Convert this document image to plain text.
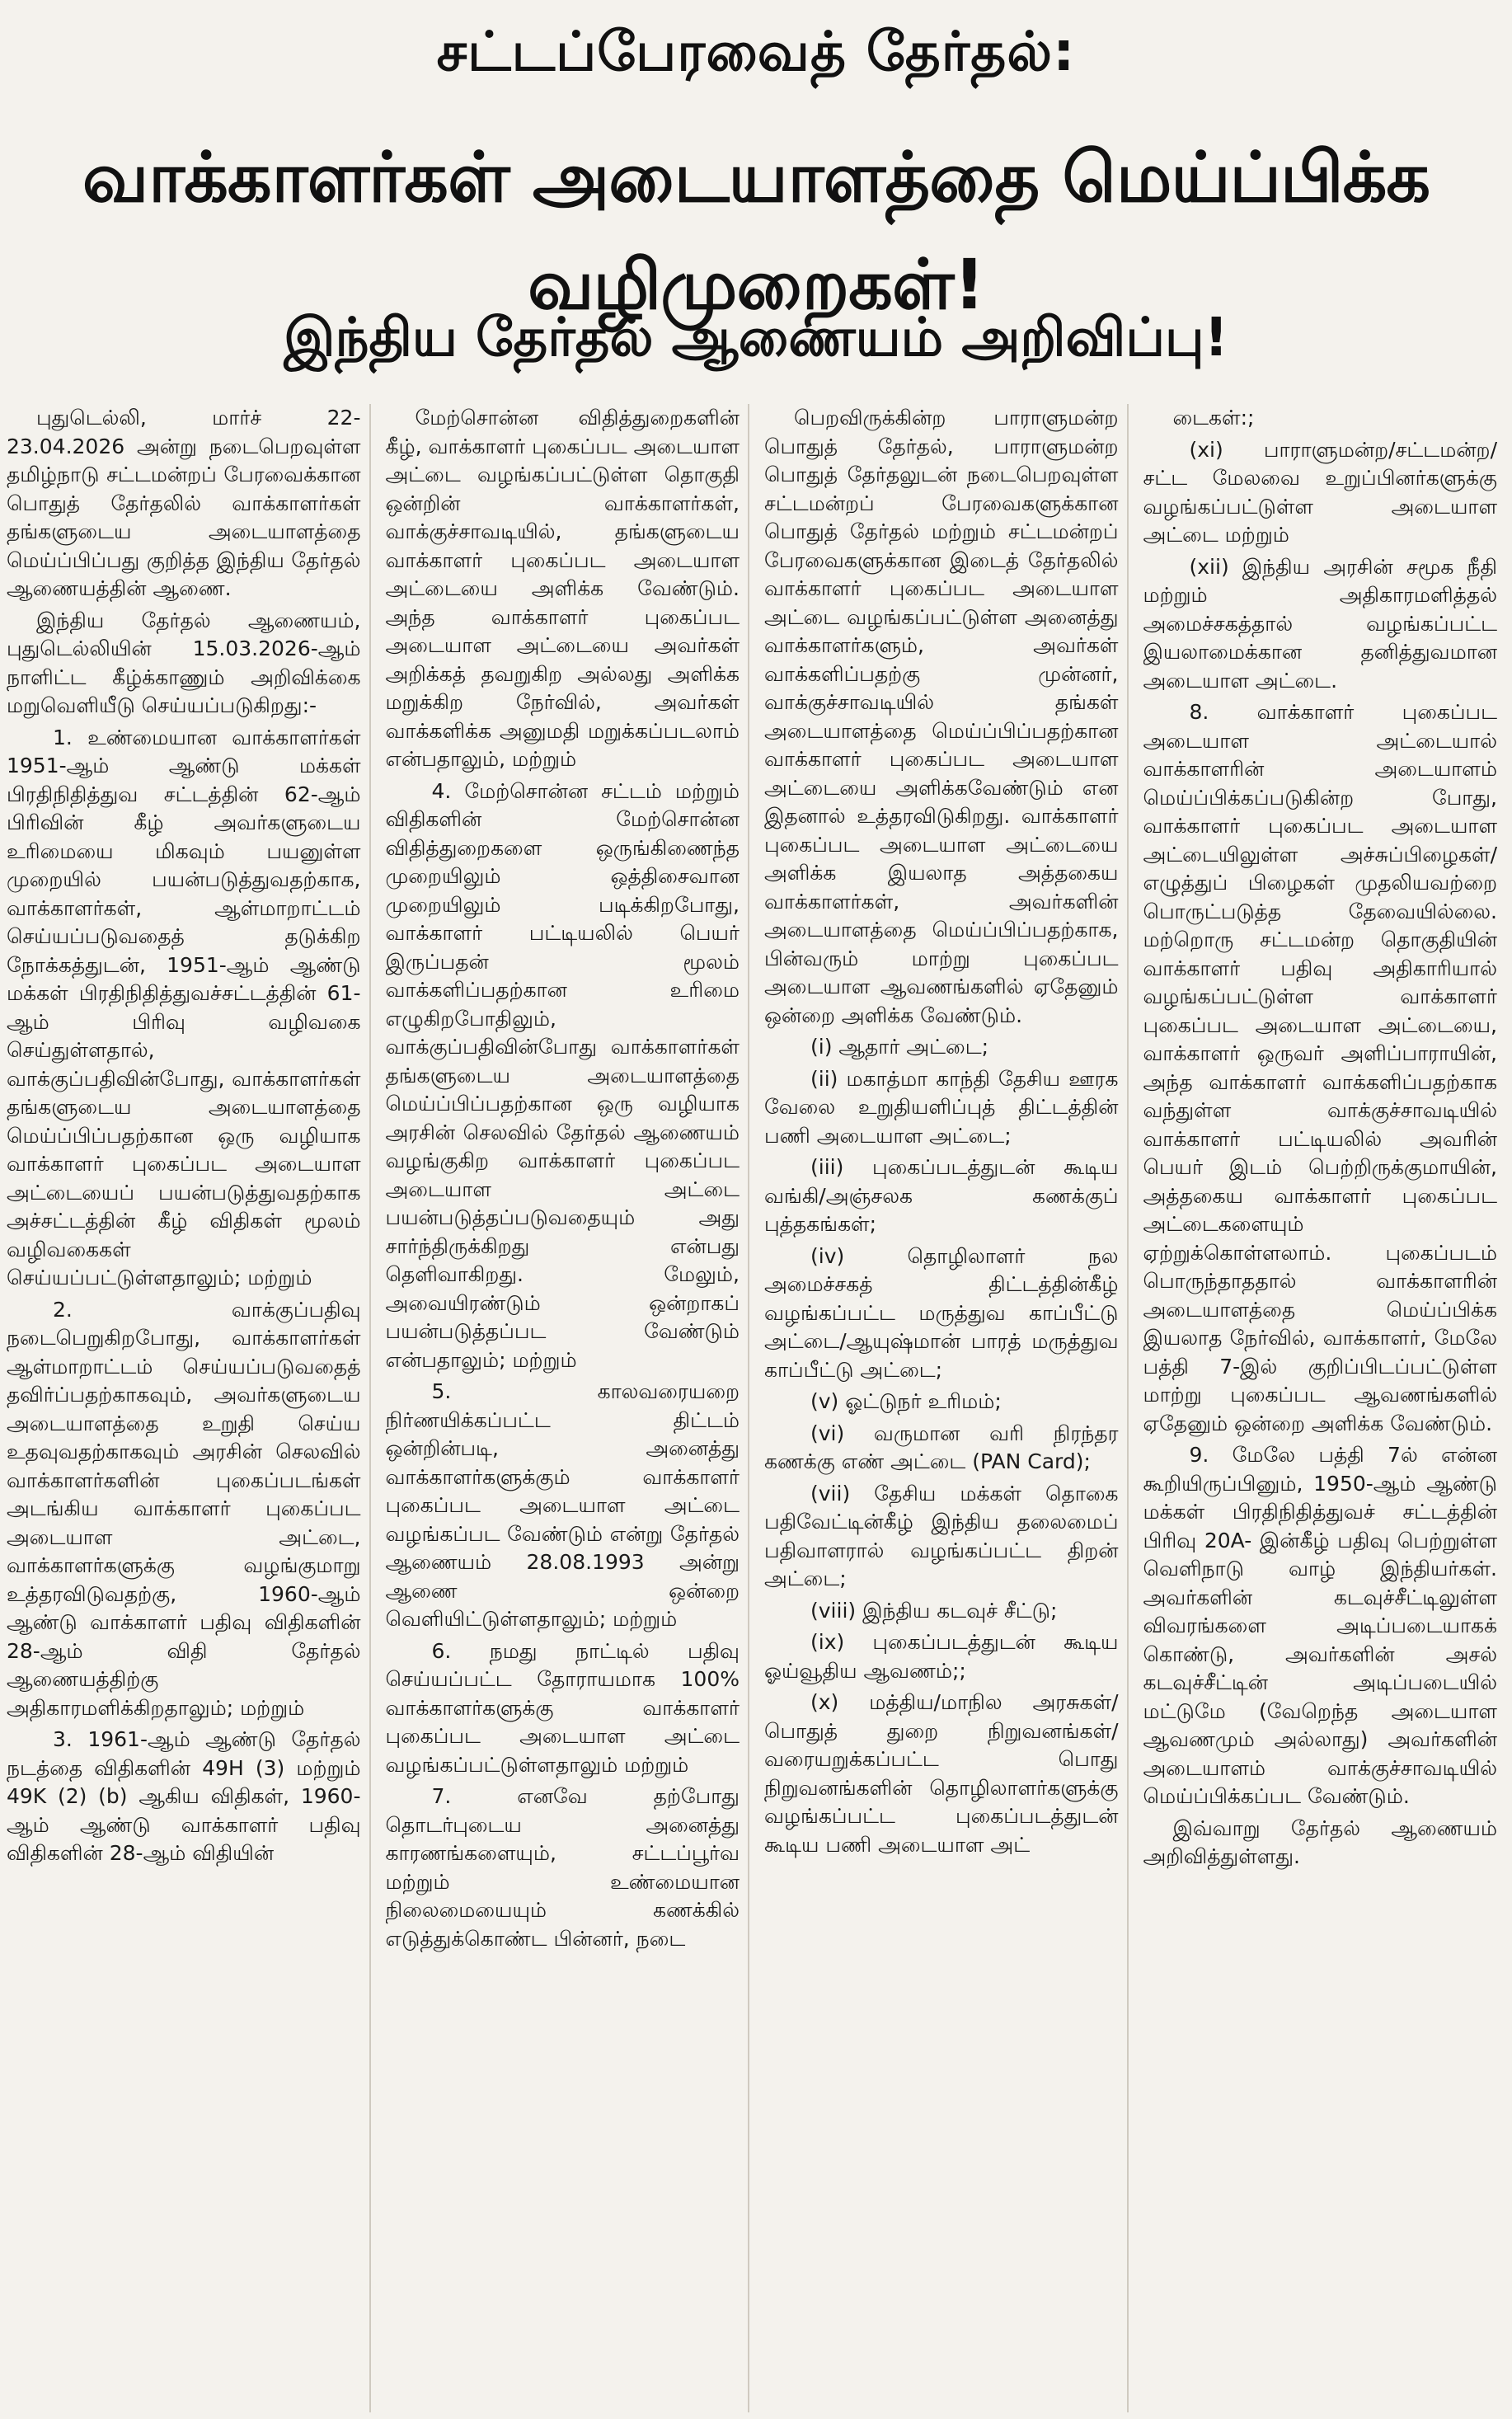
சட்டப்பேரவைத் தேர்தல்:
வாக்காளர்கள் அடையாளத்தை மெய்ப்பிக்க வழிமுறைகள்!
இந்திய தேர்தல் ஆணையம் அறிவிப்பு!

புதுடெல்லி, மார்ச் 22- 23.04.2026 அன்று நடைபெறவுள்ள தமிழ்நாடு சட்டமன்றப் பேரவைக்கான பொதுத் தேர்தலில் வாக்காளர்கள் தங்களுடைய அடையாளத்தை மெய்ப்பிப்பது குறித்த இந்திய தேர்தல் ஆணையத்தின் ஆணை.

இந்திய தேர்தல் ஆணையம், புதுடெல்லியின் 15.03.2026-ஆம் நாளிட்ட கீழ்க்காணும் அறிவிக்கை மறுவெளியீடு செய்யப்படுகிறது:-

1. உண்மையான வாக்காளர்கள் 1951-ஆம் ஆண்டு மக்கள் பிரதிநிதித்துவ சட்டத்தின் 62-ஆம் பிரிவின் கீழ் அவர்களுடைய உரிமையை மிகவும் பயனுள்ள முறையில் பயன்படுத்துவதற்காக, வாக்காளர்கள், ஆள்மாறாட்டம் செய்யப்படுவதைத் தடுக்கிற நோக்கத்துடன், 1951-ஆம் ஆண்டு மக்கள் பிரதிநிதித்துவச்சட்டத்தின் 61-ஆம் பிரிவு வழிவகை செய்துள்ளதால், வாக்குப்பதிவின்போது, வாக்காளர்கள் தங்களுடைய அடையாளத்தை மெய்ப்பிப்பதற்கான ஒரு வழியாக வாக்காளர் புகைப்பட அடையாள அட்டையைப் பயன்படுத்துவதற்காக அச்சட்டத்தின் கீழ் விதிகள் மூலம் வழிவகைகள் செய்யப்பட்டுள்ளதாலும்; மற்றும்

2. வாக்குப்பதிவு நடைபெறுகிறபோது, வாக்காளர்கள் ஆள்மாறாட்டம் செய்யப்படுவதைத் தவிர்ப்பதற்காகவும், அவர்களுடைய அடையாளத்தை உறுதி செய்ய உதவுவதற்காகவும் அரசின் செலவில் வாக்காளர்களின் புகைப்படங்கள் அடங்கிய வாக்காளர் புகைப்பட அடையாள அட்டை, வாக்காளர்களுக்கு வழங்குமாறு உத்தரவிடுவதற்கு, 1960-ஆம் ஆண்டு வாக்காளர் பதிவு விதிகளின் 28-ஆம் விதி தேர்தல் ஆணையத்திற்கு அதிகாரமளிக்கிறதாலும்; மற்றும்

3. 1961-ஆம் ஆண்டு தேர்தல் நடத்தை விதிகளின் 49H (3) மற்றும் 49K (2) (b) ஆகிய விதிகள், 1960-ஆம் ஆண்டு வாக்காளர் பதிவு விதிகளின் 28-ஆம் விதியின்

மேற்சொன்ன விதித்துறைகளின் கீழ், வாக்காளர் புகைப்பட அடையாள அட்டை வழங்கப்பட்டுள்ள தொகுதி ஒன்றின் வாக்காளர்கள், வாக்குச்சாவடியில், தங்களுடைய வாக்காளர் புகைப்பட அடையாள அட்டையை அளிக்க வேண்டும். அந்த வாக்காளர் புகைப்பட அடையாள அட்டையை அவர்கள் அறிக்கத் தவறுகிற அல்லது அளிக்க மறுக்கிற நேர்வில், அவர்கள் வாக்களிக்க அனுமதி மறுக்கப்படலாம் என்பதாலும், மற்றும்

4. மேற்சொன்ன சட்டம் மற்றும் விதிகளின் மேற்சொன்ன விதித்துறைகளை ஒருங்கிணைந்த முறையிலும் ஒத்திசைவான முறையிலும் படிக்கிறபோது, வாக்காளர் பட்டியலில் பெயர் இருப்பதன் மூலம் வாக்களிப்பதற்கான உரிமை எழுகிறபோதிலும், வாக்குப்பதிவின்போது வாக்காளர்கள் தங்களுடைய அடையாளத்தை மெய்ப்பிப்பதற்கான ஒரு வழியாக அரசின் செலவில் தேர்தல் ஆணையம் வழங்குகிற வாக்காளர் புகைப்பட அடையாள அட்டை பயன்படுத்தப்படுவதையும் அது சார்ந்திருக்கிறது என்பது தெளிவாகிறது. மேலும், அவையிரண்டும் ஒன்றாகப் பயன்படுத்தப்பட வேண்டும் என்பதாலும்; மற்றும்

5. காலவரையறை நிர்ணயிக்கப்பட்ட திட்டம் ஒன்றின்படி, அனைத்து வாக்காளர்களுக்கும் வாக்காளர் புகைப்பட அடையாள அட்டை வழங்கப்பட வேண்டும் என்று தேர்தல் ஆணையம் 28.08.1993 அன்று ஆணை ஒன்றை வெளியிட்டுள்ளதாலும்; மற்றும்

6. நமது நாட்டில் பதிவு செய்யப்பட்ட தோராயமாக 100% வாக்காளர்களுக்கு வாக்காளர் புகைப்பட அடையாள அட்டை வழங்கப்பட்டுள்ளதாலும் மற்றும்

7. எனவே தற்போது தொடர்புடைய அனைத்து காரணங்களையும், சட்டப்பூர்வ மற்றும் உண்மையான நிலைமையையும் கணக்கில் எடுத்துக்கொண்ட பின்னர், நடை

பெறவிருக்கின்ற பாராளுமன்ற பொதுத் தேர்தல், பாராளுமன்ற பொதுத் தேர்தலுடன் நடைபெறவுள்ள சட்டமன்றப் பேரவைகளுக்கான பொதுத் தேர்தல் மற்றும் சட்டமன்றப் பேரவைகளுக்கான இடைத் தேர்தலில் வாக்காளர் புகைப்பட அடையாள அட்டை வழங்கப்பட்டுள்ள அனைத்து வாக்காளர்களும், அவர்கள் வாக்களிப்பதற்கு முன்னர், வாக்குச்சாவடியில் தங்கள் அடையாளத்தை மெய்ப்பிப்பதற்கான வாக்காளர் புகைப்பட அடையாள அட்டையை அளிக்கவேண்டும் என இதனால் உத்தரவிடுகிறது. வாக்காளர் புகைப்பட அடையாள அட்டையை அளிக்க இயலாத அத்தகைய வாக்காளர்கள், அவர்களின் அடையாளத்தை மெய்ப்பிப்பதற்காக, பின்வரும் மாற்று புகைப்பட அடையாள ஆவணங்களில் ஏதேனும் ஒன்றை அளிக்க வேண்டும்.

(i) ஆதார் அட்டை;

(ii) மகாத்மா காந்தி தேசிய ஊரக வேலை உறுதியளிப்புத் திட்டத்தின் பணி அடையாள அட்டை;

(iii) புகைப்படத்துடன் கூடிய வங்கி/அஞ்சலக கணக்குப் புத்தகங்கள்;

(iv) தொழிலாளர் நல அமைச்சகத் திட்டத்தின்கீழ் வழங்கப்பட்ட மருத்துவ காப்பீட்டு அட்டை/ஆயுஷ்மான் பாரத் மருத்துவ காப்பீட்டு அட்டை;

(v) ஓட்டுநர் உரிமம்;

(vi) வருமான வரி நிரந்தர கணக்கு எண் அட்டை (PAN Card);

(vii) தேசிய மக்கள் தொகை பதிவேட்டின்கீழ் இந்திய தலைமைப் பதிவாளரால் வழங்கப்பட்ட திறன் அட்டை;

(viii) இந்திய கடவுச் சீட்டு;

(ix) புகைப்படத்துடன் கூடிய ஓய்வூதிய ஆவணம்;;

(x) மத்திய/மாநில அரசுகள்/பொதுத் துறை நிறுவனங்கள்/வரையறுக்கப்பட்ட பொது நிறுவனங்களின் தொழிலாளர்களுக்கு வழங்கப்பட்ட புகைப்படத்துடன் கூடிய பணி அடையாள அட்

டைகள்:;

(xi) பாராளுமன்ற/சட்டமன்ற/சட்ட மேலவை உறுப்பினர்களுக்கு வழங்கப்பட்டுள்ள அடையாள அட்டை மற்றும்

(xii) இந்திய அரசின் சமூக நீதி மற்றும் அதிகாரமளித்தல் அமைச்சகத்தால் வழங்கப்பட்ட இயலாமைக்கான தனித்துவமான அடையாள அட்டை.

8. வாக்காளர் புகைப்பட அடையாள அட்டையால் வாக்காளரின் அடையாளம் மெய்ப்பிக்கப்படுகின்ற போது, வாக்காளர் புகைப்பட அடையாள அட்டையிலுள்ள அச்சுப்பிழைகள்/எழுத்துப் பிழைகள் முதலியவற்றை பொருட்படுத்த தேவையில்லை. மற்றொரு சட்டமன்ற தொகுதியின் வாக்காளர் பதிவு அதிகாரியால் வழங்கப்பட்டுள்ள வாக்காளர் புகைப்பட அடையாள அட்டையை, வாக்காளர் ஒருவர் அளிப்பாராயின், அந்த வாக்காளர் வாக்களிப்பதற்காக வந்துள்ள வாக்குச்சாவடியில் வாக்காளர் பட்டியலில் அவரின் பெயர் இடம் பெற்றிருக்குமாயின், அத்தகைய வாக்காளர் புகைப்பட அட்டைகளையும் ஏற்றுக்கொள்ளலாம். புகைப்படம் பொருந்தாததால் வாக்காளரின் அடையாளத்தை மெய்ப்பிக்க இயலாத நேர்வில், வாக்காளர், மேலே பத்தி 7-இல் குறிப்பிடப்பட்டுள்ள மாற்று புகைப்பட ஆவணங்களில் ஏதேனும் ஒன்றை அளிக்க வேண்டும்.

9. மேலே பத்தி 7ல் என்ன கூறியிருப்பினும், 1950-ஆம் ஆண்டு மக்கள் பிரதிநிதித்துவச் சட்டத்தின் பிரிவு 20A- இன்கீழ் பதிவு பெற்றுள்ள வெளிநாடு வாழ் இந்தியர்கள். அவர்களின் கடவுச்சீட்டிலுள்ள விவரங்களை அடிப்படையாகக் கொண்டு, அவர்களின் அசல் கடவுச்சீட்டின் அடிப்படையில் மட்டுமே (வேறெந்த அடையாள ஆவணமும் அல்லாது) அவர்களின் அடையாளம் வாக்குச்சாவடியில் மெய்ப்பிக்கப்பட வேண்டும்.

இவ்வாறு தேர்தல் ஆணையம் அறிவித்துள்ளது.
